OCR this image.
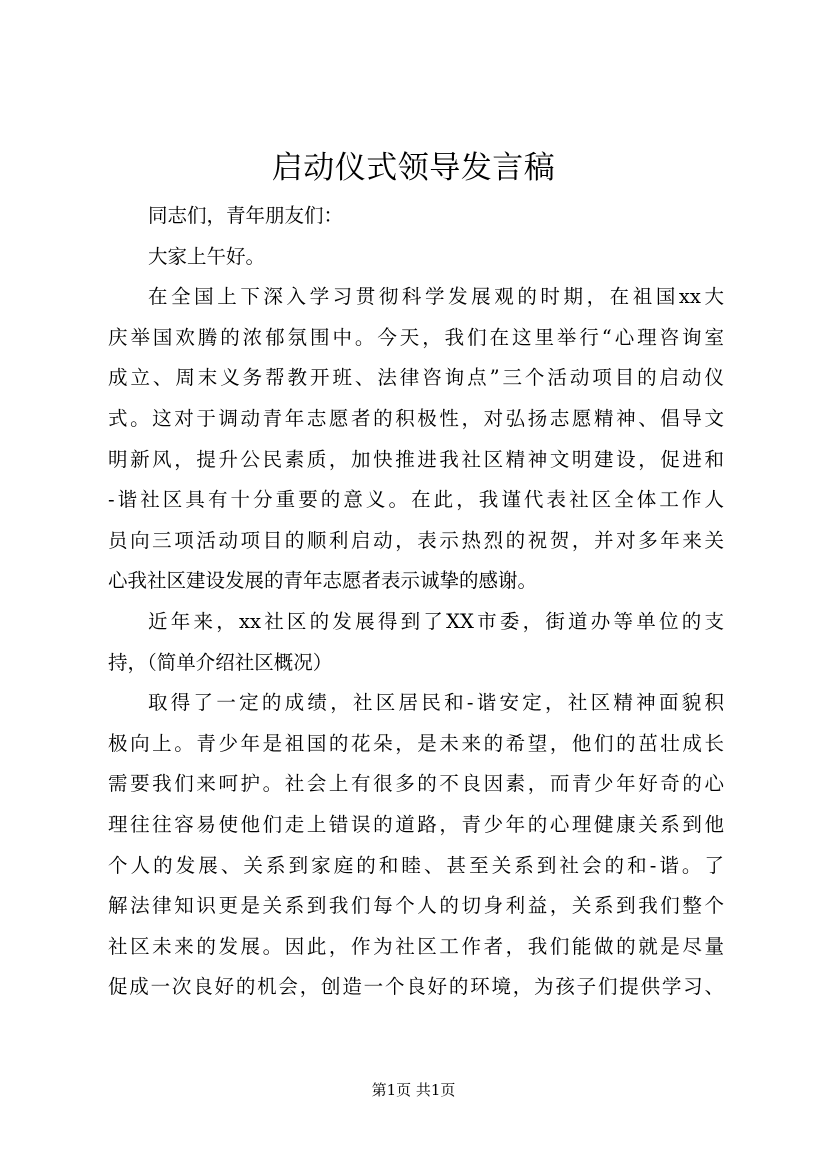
启动仪式领导发言稿
同志们，青年朋友们：
大家上午好。
在全国上下深入学习贯彻科学发展观的时期，在祖国xx大
庆举国欢腾的浓郁氛围中。今天，我们在这里举行“心理咨询室
成立、周末义务帮教开班、法律咨询点”三个活动项目的启动仪
式。这对于调动青年志愿者的积极性，对弘扬志愿精神、倡导文
明新风，提升公民素质，加快推进我社区精神文明建设，促进和
-谐社区具有十分重要的意义。在此，我谨代表社区全体工作人
员向三项活动项目的顺利启动，表示热烈的祝贺，并对多年来关
心我社区建设发展的青年志愿者表示诚挚的感谢。
近年来，xx社区的发展得到了XX市委，街道办等单位的支
持，（简单介绍社区概况）
取得了一定的成绩，社区居民和-谐安定，社区精神面貌积
极向上。青少年是祖国的花朵，是未来的希望，他们的茁壮成长
需要我们来呵护。社会上有很多的不良因素，而青少年好奇的心
理往往容易使他们走上错误的道路，青少年的心理健康关系到他
个人的发展、关系到家庭的和睦、甚至关系到社会的和-谐。了
解法律知识更是关系到我们每个人的切身利益，关系到我们整个
社区未来的发展。因此，作为社区工作者，我们能做的就是尽量
促成一次良好的机会，创造一个良好的环境，为孩子们提供学习、
第1页 共1页
